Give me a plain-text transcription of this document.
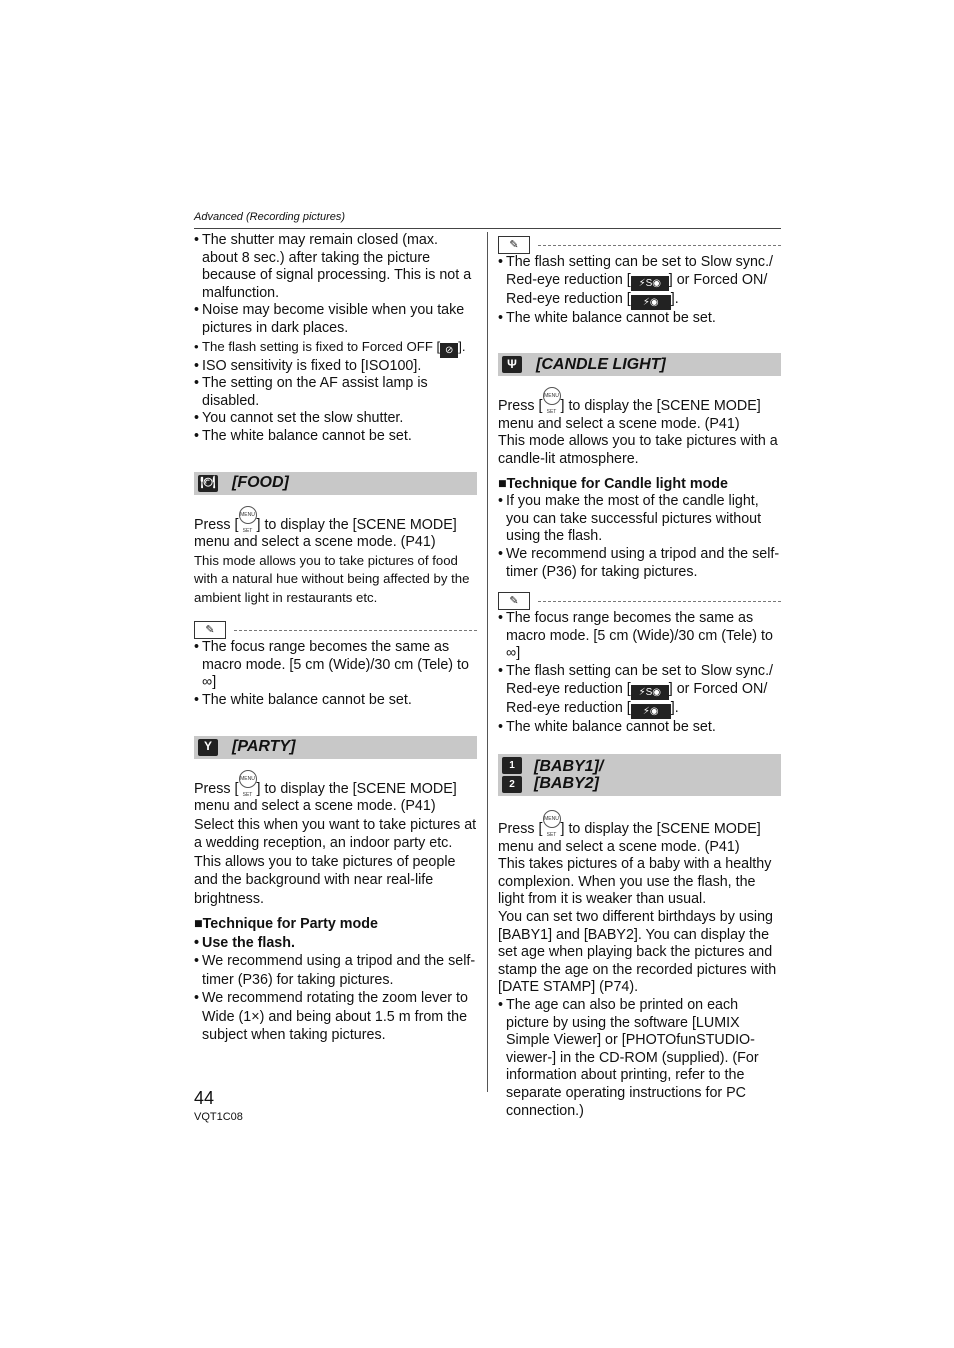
Advanced (Recording pictures)
• The shutter may remain closed (max. about 8 sec.) after taking the picture because of signal processing. This is not a malfunction.
• Noise may become visible when you take pictures in dark places.
• The flash setting is fixed to Forced OFF [ ⊘ ].
• ISO sensitivity is fixed to [ISO100].
• The setting on the AF assist lamp is disabled.
• You cannot set the slow shutter.
• The white balance cannot be set.
🍽 [FOOD]

Press [MENU SET ] to display the [SCENE MODE] menu and select a scene mode. (P41)

This mode allows you to take pictures of food with a natural hue without being affected by the ambient light in restaurants etc.

✎
• The focus range becomes the same as macro mode. [5 cm (Wide)/30 cm (Tele) to ∞]
• The white balance cannot be set.
Y	[PARTY]

Press [MENU SET ] to display the [SCENE MODE] menu and select a scene mode. (P41)

Select this when you want to take pictures at a wedding reception, an indoor party etc. This allows you to take pictures of people and the background with near real-life brightness.

■ Technique for Party mode

• Use the flash.
• We recommend using a tripod and the self-timer (P36) for taking pictures.
• We recommend rotating the zoom lever to Wide (1×) and being about 1.5 m from the subject when taking pictures.
✎
• The flash setting can be set to Slow sync./ Red-eye reduction [ ⚡S◉ ] or Forced ON/ Red-eye reduction [ ⚡◉ ].
• The white balance cannot be set.
Ψ	[CANDLE LIGHT]

Press [MENU SET ] to display the [SCENE MODE] menu and select a scene mode. (P41)

This mode allows you to take pictures with a candle-lit atmosphere.

■ Technique for Candle light mode

• If you make the most of the candle light, you can take successful pictures without using the flash.
• We recommend using a tripod and the self-timer (P36) for taking pictures.
✎
• The focus range becomes the same as macro mode. [5 cm (Wide)/30 cm (Tele) to ∞]
• The flash setting can be set to Slow sync./ Red-eye reduction [ ⚡S◉ ] or Forced ON/ Red-eye reduction [ ⚡◉ ].
• The white balance cannot be set.
1
2
[BABY1]/
[BABY2]

Press [MENU SET ] to display the [SCENE MODE] menu and select a scene mode. (P41)

This takes pictures of a baby with a healthy complexion. When you use the flash, the light from it is weaker than usual.

You can set two different birthdays by using [BABY1] and [BABY2]. You can display the set age when playing back the pictures and stamp the age on the recorded pictures with [DATE STAMP] (P74).

• The age can also be printed on each picture by using the software [LUMIX Simple Viewer] or [PHOTOfunSTUDIO-viewer-] in the CD-ROM (supplied). (For information about printing, refer to the separate operating instructions for PC connection.)
44
VQT1C08
